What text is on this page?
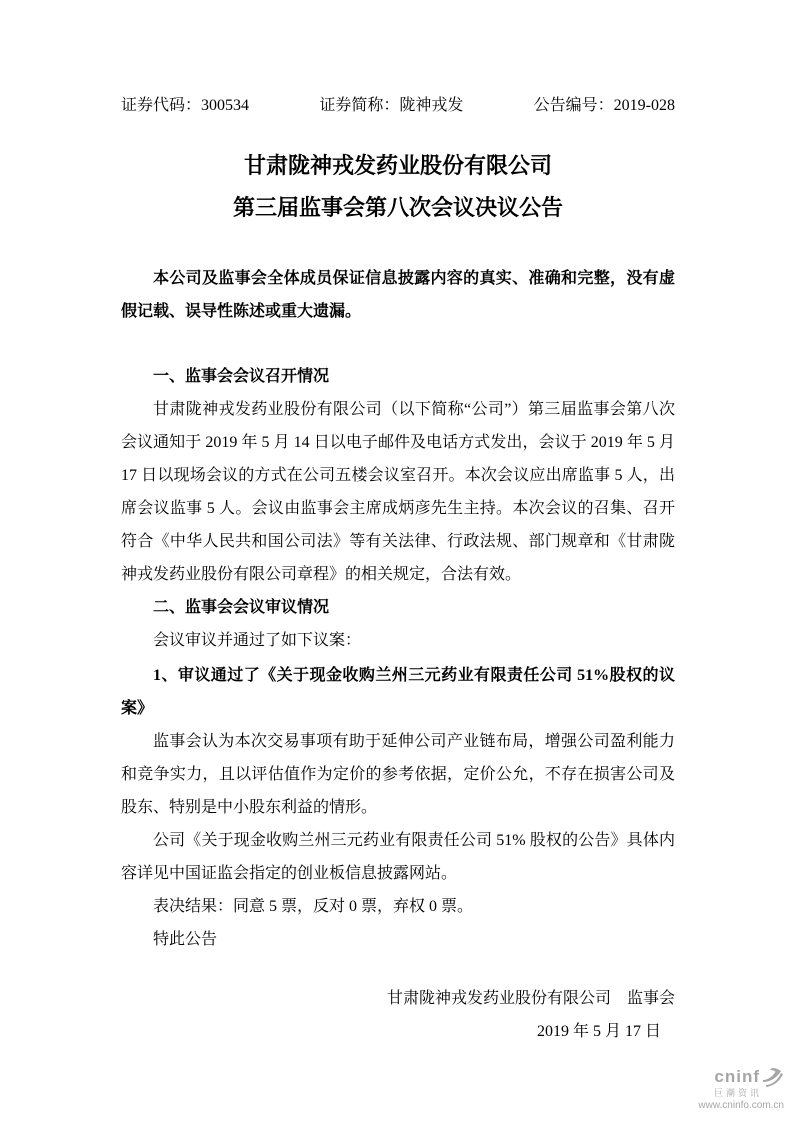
证券代码：300534	证券简称：陇神戎发	公告编号：2019-028
甘肃陇神戎发药业股份有限公司
第三届监事会第八次会议决议公告

本公司及监事会全体成员保证信息披露内容的真实、准确和完整，没有虚假记载、误导性陈述或重大遗漏。

一、监事会会议召开情况

甘肃陇神戎发药业股份有限公司（以下简称“公司”）第三届监事会第八次会议通知于 2019 年 5 月 14 日以电子邮件及电话方式发出，会议于 2019 年 5 月 17 日以现场会议的方式在公司五楼会议室召开。本次会议应出席监事 5 人，出席会议监事 5 人。会议由监事会主席成炳彦先生主持。本次会议的召集、召开符合《中华人民共和国公司法》等有关法律、行政法规、部门规章和《甘肃陇神戎发药业股份有限公司章程》的相关规定，合法有效。

二、监事会会议审议情况

会议审议并通过了如下议案：

1、审议通过了《关于现金收购兰州三元药业有限责任公司 51%股权的议案》

监事会认为本次交易事项有助于延伸公司产业链布局，增强公司盈利能力和竞争实力，且以评估值作为定价的参考依据，定价公允，不存在损害公司及股东、特别是中小股东利益的情形。

公司《关于现金收购兰州三元药业有限责任公司 51% 股权的公告》具体内容详见中国证监会指定的创业板信息披露网站。

表决结果：同意 5 票，反对 0 票，弃权 0 票。

特此公告

甘肃陇神戎发药业股份有限公司　监事会

2019 年 5 月 17 日

cninf
巨潮资讯
www.cninfo.com.cn
